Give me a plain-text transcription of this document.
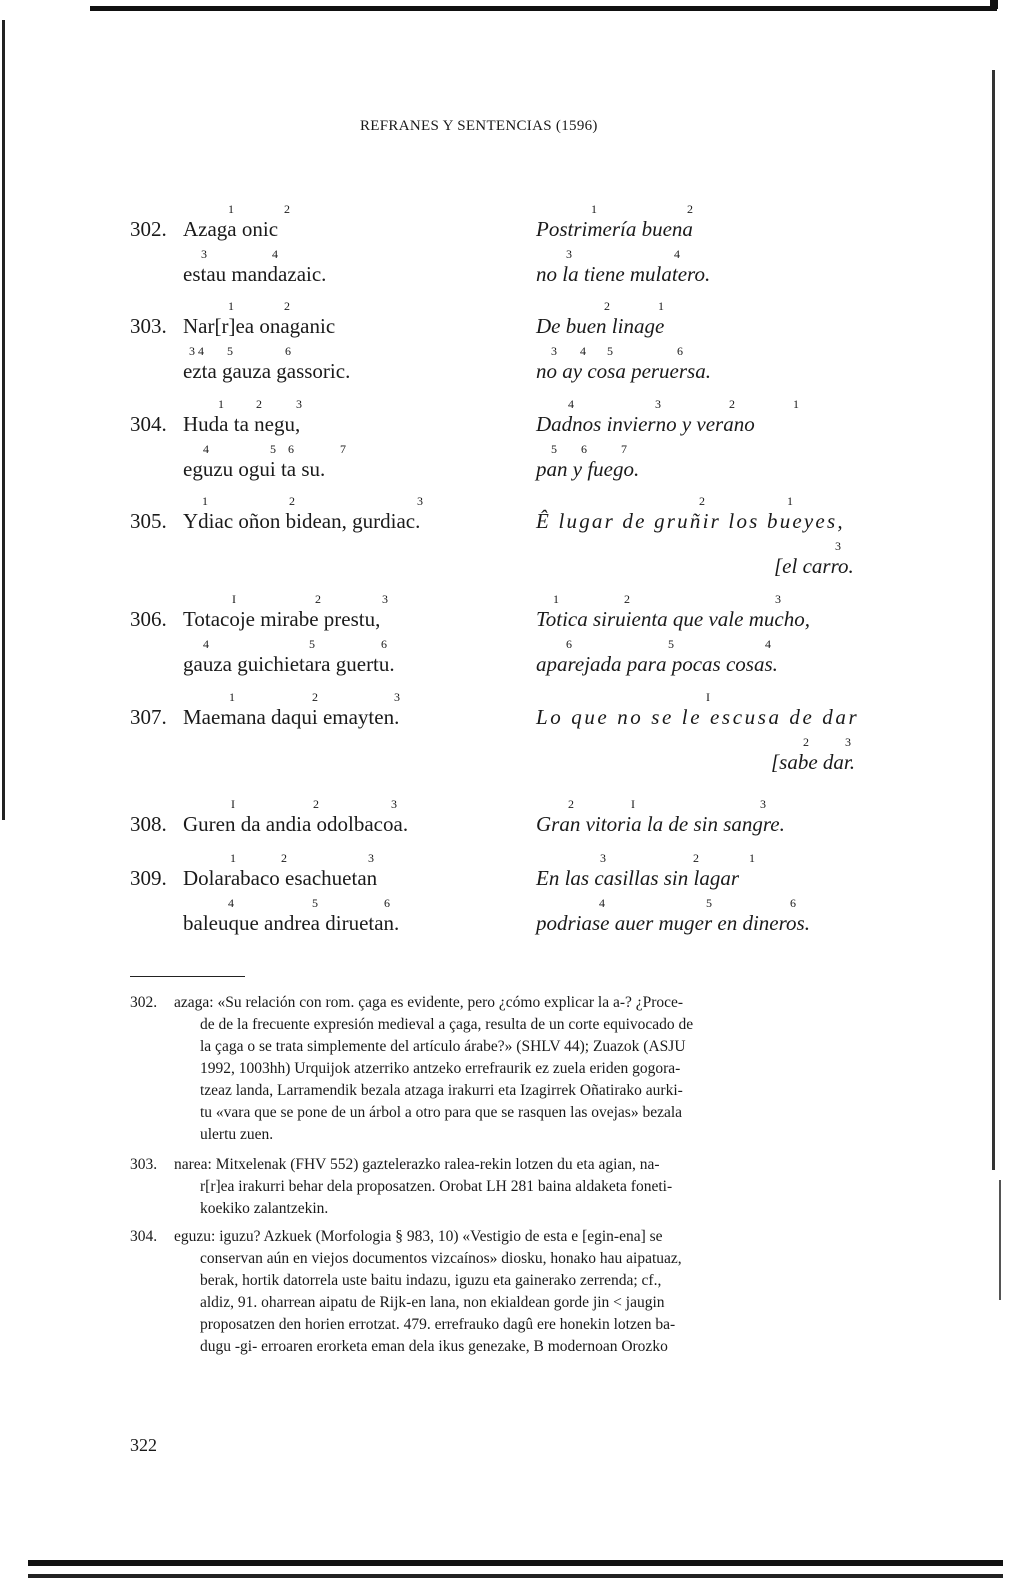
REFRANES Y SENTENCIAS (1596)
1	2	1	2
302. Azaga onic	Postrimería buena
3	4	3	4
estau mandazaic.	no la tiene mulatero.
1	2	2	1
303. Nar[r]ea onaganic	De buen linage
3 4 5	6	3 4 5	6
ezta gauza gassoric.	no ay cosa peruersa.
1	2	3	4	3	2	1
304. Huda ta negu,	Dadnos invierno y verano
4	5 6	7	5 6	7
eguzu ogui ta su.	pan y fuego.
1	2	3	2	1
305. Ydiac oñon bidean, gurdiac.	Ê lugar de gruñir los bueyes,
3
[el carro.
I	2	3	1	2	3
306. Totacoje mirabe prestu,	Totica siruienta que vale mucho,
4	5	6	6	5	4
gauza guichietara guertu.	aparejada para pocas cosas.
1	2	3	I
307. Maemana daqui emayten.	Lo que no se le escusa de dar
2	3
[sabe dar.
I	2	3	2	I	3
308. Guren da andia odolbacoa.	Gran vitoria la de sin sangre.
1	2	3	3	2	1
309. Dolarabaco esachuetan	En las casillas sin lagar
4	5	6	4	5	6
baleuque andrea diruetan.	podriase auer muger en dineros.
302. azaga: «Su relación con rom. çaga es evidente, pero ¿cómo explicar la a-? ¿Proce-
de de la frecuente expresión medieval a çaga, resulta de un corte equivocado de
la çaga o se trata simplemente del artículo árabe?» (SHLV 44); Zuazok (ASJU
1992, 1003hh) Urquijok atzerriko antzeko errefraurik ez zuela eriden gogora-
tzeaz landa, Larramendik bezala atzaga irakurri eta Izagirrek Oñatirako aurki-
tu «vara que se pone de un árbol a otro para que se rasquen las ovejas» bezala
ulertu zuen.
303. narea: Mitxelenak (FHV 552) gaztelerazko ralea-rekin lotzen du eta agian, na-
r[r]ea irakurri behar dela proposatzen. Orobat LH 281 baina aldaketa foneti-
koekiko zalantzekin.
304. eguzu: iguzu? Azkuek (Morfologia § 983, 10) «Vestigio de esta e [egin-ena] se
conservan aún en viejos documentos vizcaínos» diosku, honako hau aipatuaz,
berak, hortik datorrela uste baitu indazu, iguzu eta gainerako zerrenda; cf.,
aldiz, 91. oharrean aipatu de Rijk-en lana, non ekialdean gorde jin < jaugin
proposatzen den horien errotzat. 479. errefrauko dagû ere honekin lotzen ba-
dugu -gi- erroaren erorketa eman dela ikus genezake, B modernoan Orozko
322
